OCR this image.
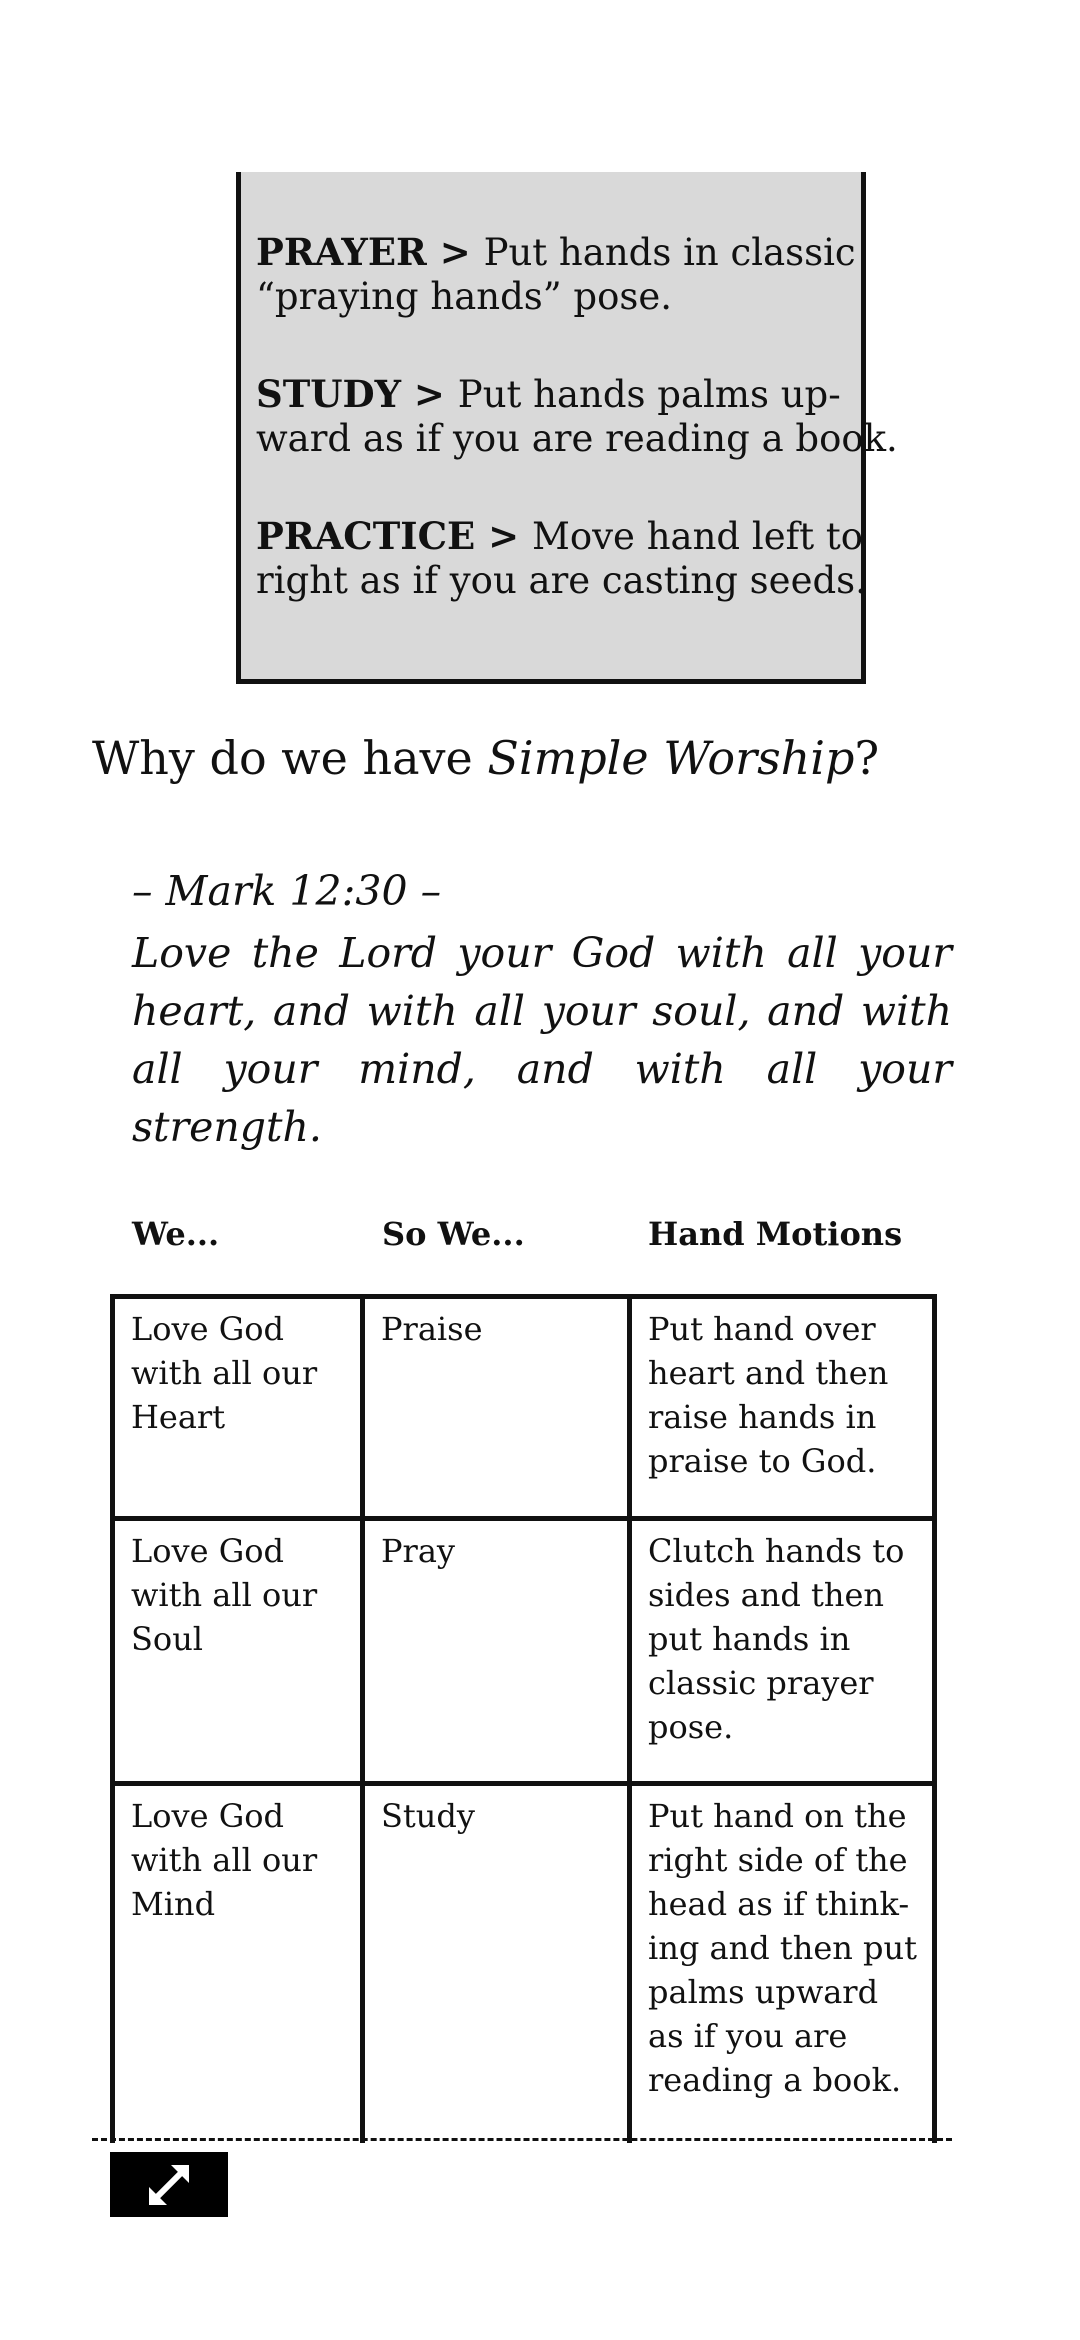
PRAYER > Put hands in classic
“praying hands” pose.
STUDY > Put hands palms up-
ward as if you are reading a book.
PRACTICE > Move hand left to
right as if you are casting seeds.
Why do we have Simple Worship?
– Mark 12:30 –
Love the Lord your God with all your heart, and with all your soul, and with all your mind, and with all your strength.
We...	So We...	Hand Motions
Love God with all our Heart	Praise	Put hand over heart and then raise hands in praise to God.
Love God with all our Soul	Pray	Clutch hands to sides and then put hands in classic prayer pose.
Love God with all our Mind	Study	Put hand on the right side of the head as if think-ing and then put palms upward as if you are reading a book.
